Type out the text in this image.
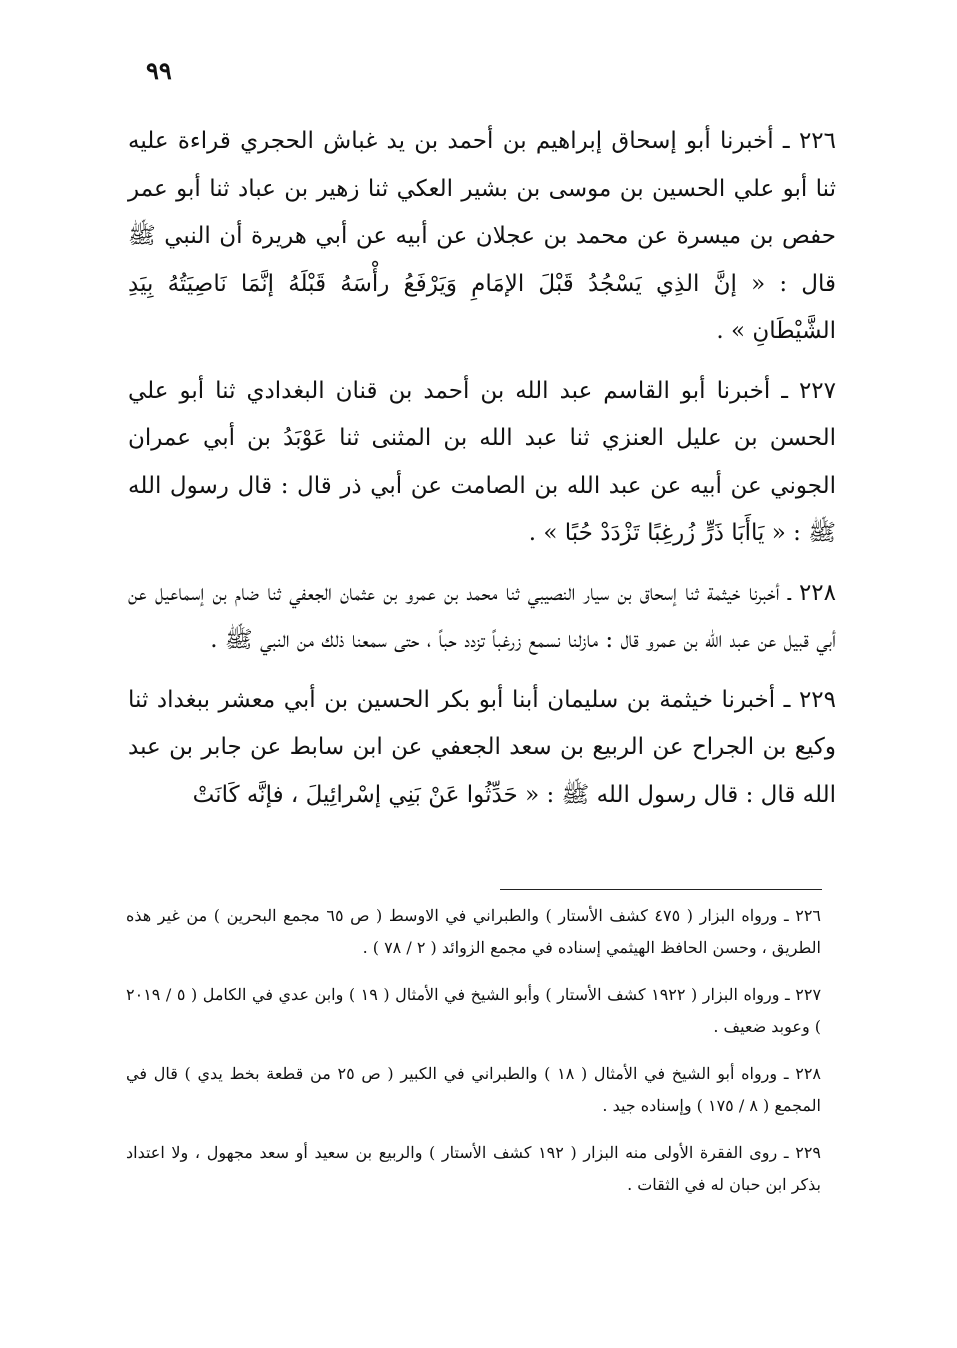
٩٩

٢٢٦ ـ أخبرنا أبو إسحاق إبراهيم بن أحمد بن يد غباش الحجري قراءة عليه ثنا أبو علي الحسين بن موسى بن بشير العكي ثنا زهير بن عباد ثنا أبو عمر حفص بن ميسرة عن محمد بن عجلان عن أبيه عن أبي هريرة أن النبي ﷺ قال : « إنَّ الذِي يَسْجُدُ قَبْلَ الإمَامِ وَيَرْفَعُ رأْسَهُ قَبْلَهُ إنَّمَا نَاصِيَتُهُ بِيَدِ الشَّيْطَانِ » .

٢٢٧ ـ أخبرنا أبو القاسم عبد الله بن أحمد بن قنان البغدادي ثنا أبو علي الحسن بن عليل العنزي ثنا عبد الله بن المثنى ثنا عَوْبَدُ بن أبي عمران الجوني عن أبيه عن عبد الله بن الصامت عن أبي ذر قال : قال رسول الله ﷺ : « يَاأَبَا ذَرٍّ زُرغِبًا تَزْدَدْ حُبًا » .

٢٢٨ ـ أخبرنا خيثمة ثنا إسحاق بن سيار النصيبي ثنا محمد بن عمرو بن عثمان الجعفي ثنا ضام بن إسماعيل عن أبي قبيل عن عبد الله بن عمرو قال : مازلنا نسمع زرغباً تزدد حباً ، حتى سمعنا ذلك من النبي ﷺ .

٢٢٩ ـ أخبرنا خيثمة بن سليمان أبنا أبو بكر الحسين بن أبي معشر ببغداد ثنا وكيع بن الجراح عن الربيع بن سعد الجعفي عن ابن سابط عن جابر بن عبد الله قال : قال رسول الله ﷺ : « حَدِّثُوا عَنْ بَنِي إسْرائِيلَ ، فإنَّه كَانَتْ

٢٢٦ ـ ورواه البزار ( ٤٧٥ كشف الأستار ) والطبراني في الاوسط ( ص ٦٥ مجمع البحرين ) من غير هذه الطريق ، وحسن الحافظ الهيثمي إسناده في مجمع الزوائد ( ٢ / ٧٨ ) .

٢٢٧ ـ ورواه البزار ( ١٩٢٢ كشف الأستار ) وأبو الشيخ في الأمثال ( ١٩ ) وابن عدي في الكامل ( ٥ / ٢٠١٩ ) وعوبد ضعيف .

٢٢٨ ـ ورواه أبو الشيخ في الأمثال ( ١٨ ) والطبراني في الكبير ( ص ٢٥ من قطعة بخط يدي ) قال في المجمع ( ٨ / ١٧٥ ) وإسناده جيد .

٢٢٩ ـ روى الفقرة الأولى منه البزار ( ١٩٢ كشف الأستار ) والربيع بن سعيد أو سعد مجهول ، ولا اعتداد بذكر ابن حبان له في الثقات .
